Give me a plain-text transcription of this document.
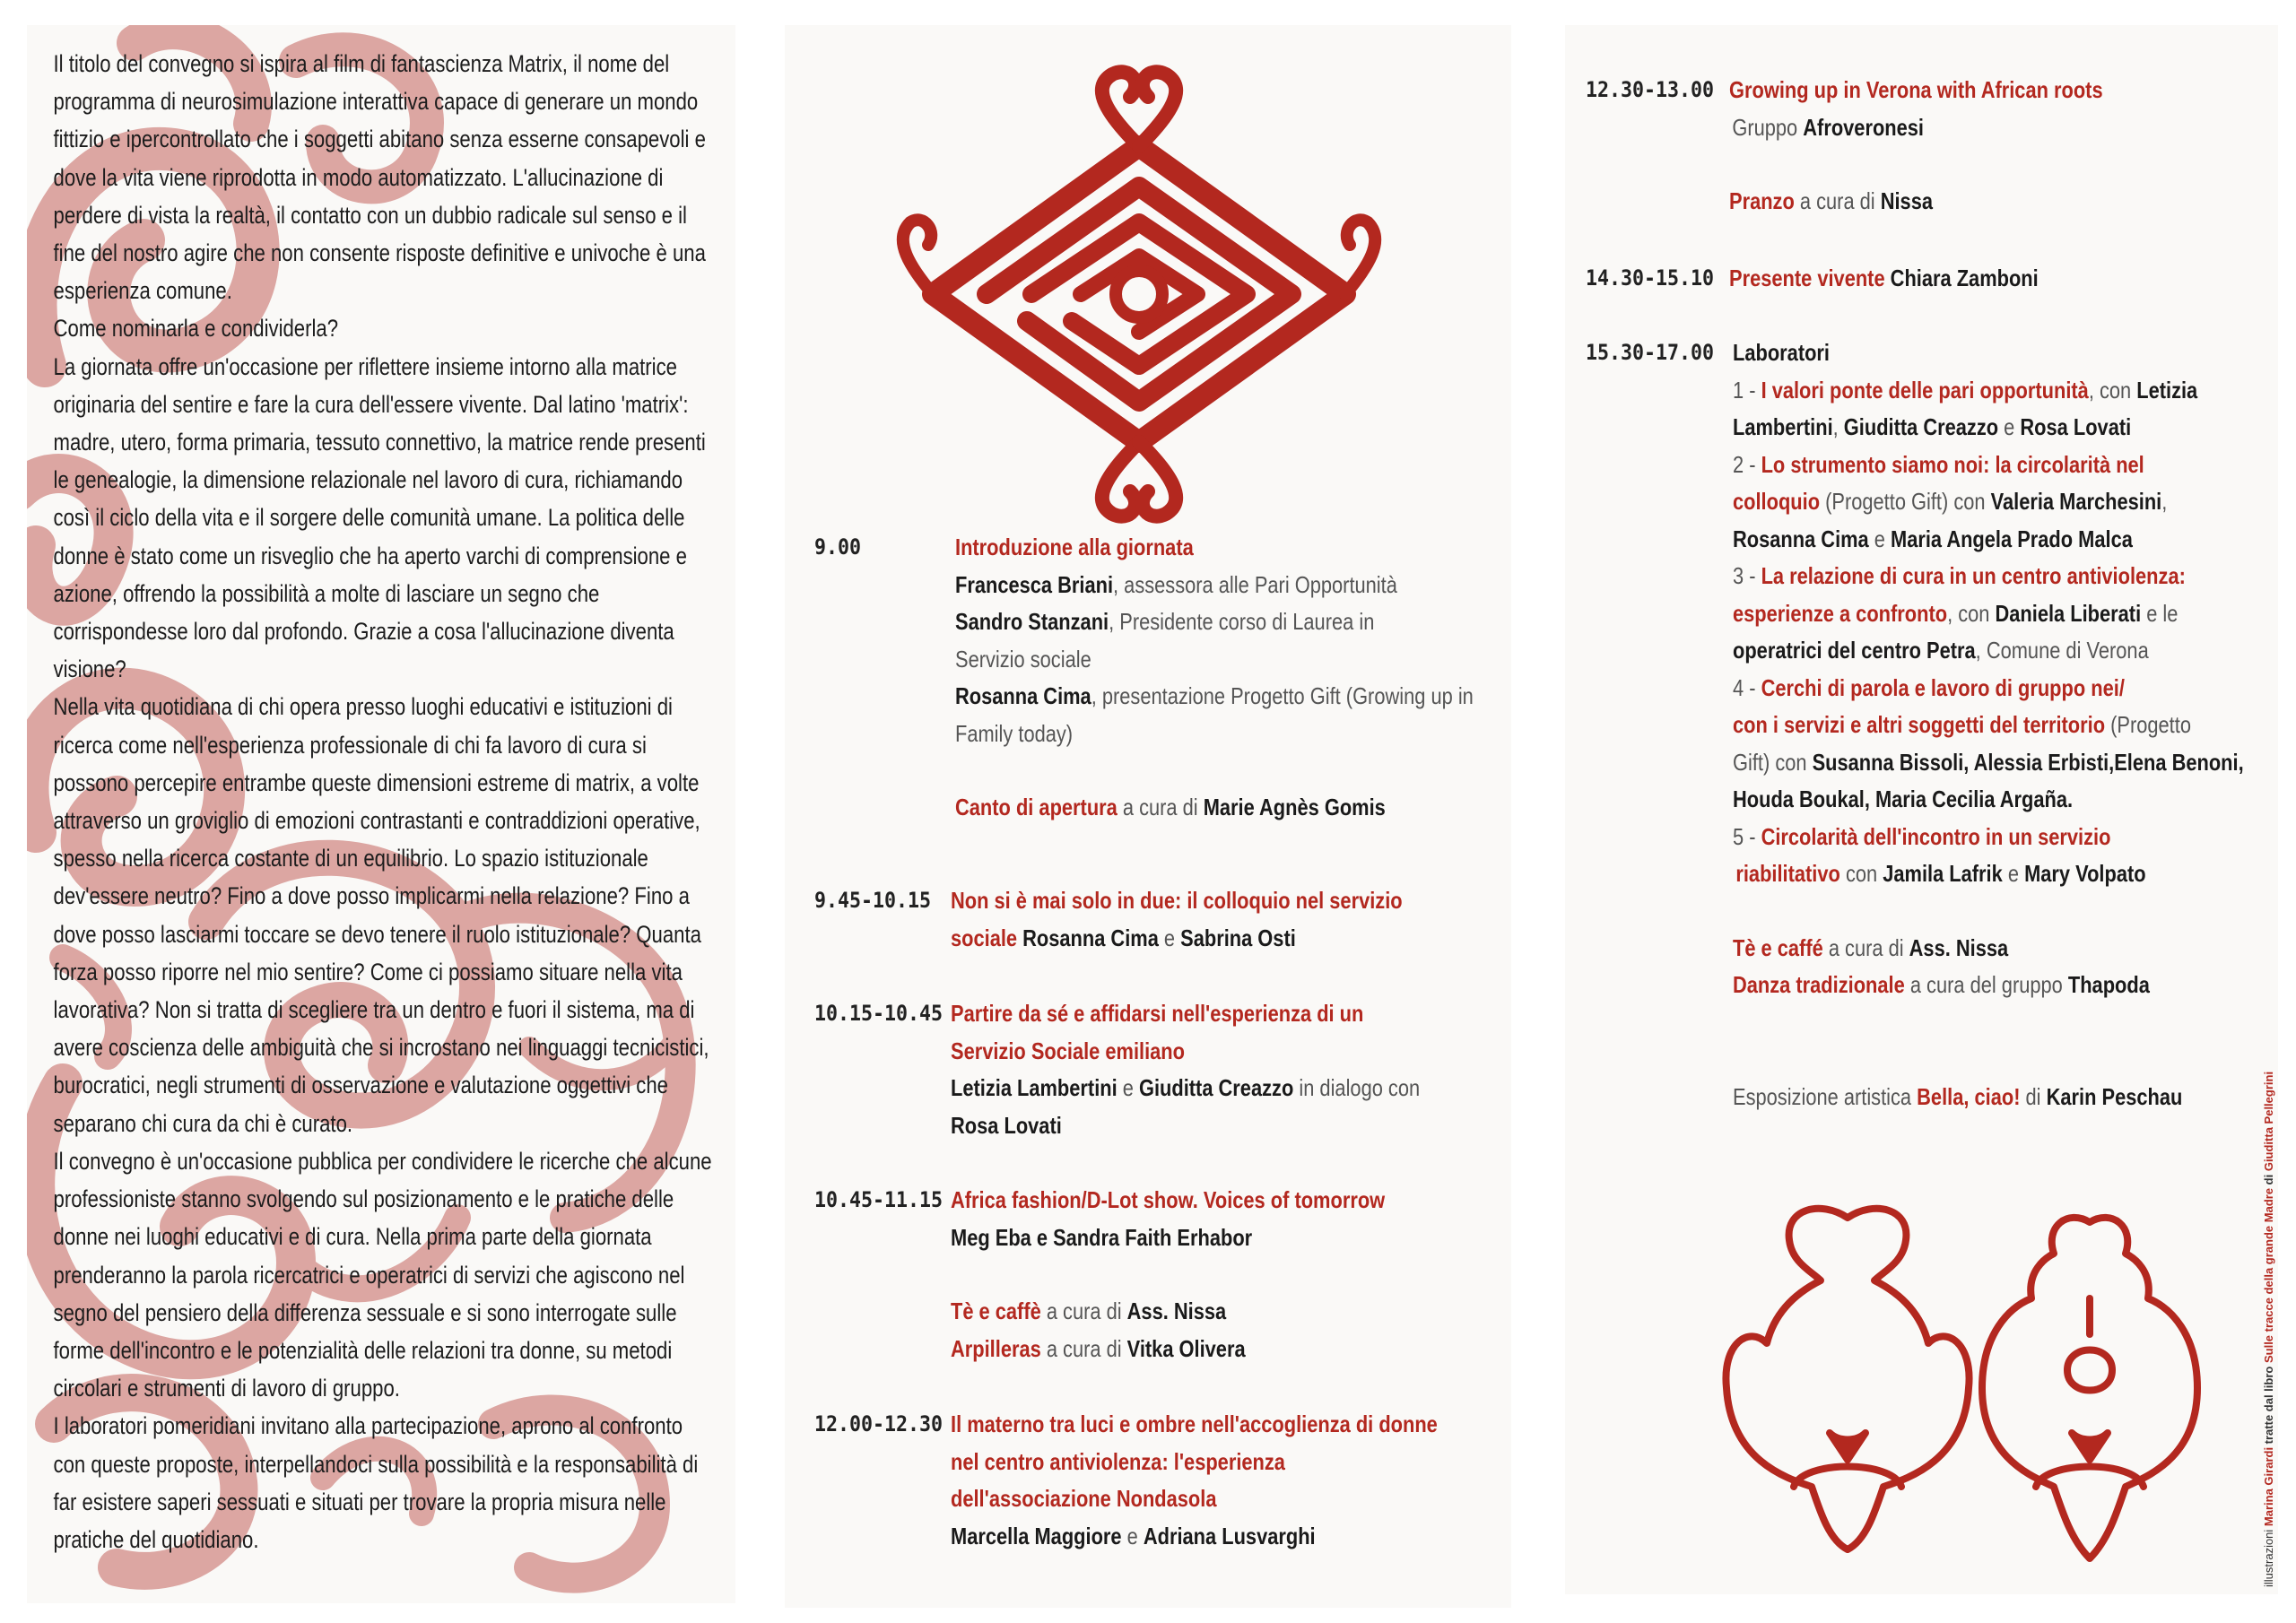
Il titolo del convegno si ispira al film di fantascienza Matrix, il nome del programma di neurosimulazione interattiva capace di generare un mondo fittizio e ipercontrollato che i soggetti abitano senza esserne consapevoli e dove la vita viene riprodotta in modo automatizzato. L'allucinazione di perdere di vista la realtà, il contatto con un dubbio radicale sul senso e il fine del nostro agire che non consente risposte definitive e univoche è una esperienza comune.

Come nominarla e condividerla?

La giornata offre un'occasione per riflettere insieme intorno alla matrice originaria del sentire e fare la cura dell'essere vivente. Dal latino 'matrix': madre, utero, forma primaria, tessuto connettivo, la matrice rende presenti le genealogie, la dimensione relazionale nel lavoro di cura, richiamando così il ciclo della vita e il sorgere delle comunità umane. La politica delle donne è stato come un risveglio che ha aperto varchi di comprensione e azione, offrendo la possibilità a molte di lasciare un segno che corrispondesse loro dal profondo. Grazie a cosa l'allucinazione diventa visione?

Nella vita quotidiana di chi opera presso luoghi educativi e istituzioni di ricerca come nell'esperienza professionale di chi fa lavoro di cura si possono percepire entrambe queste dimensioni estreme di matrix, a volte attraverso un groviglio di emozioni contrastanti e contraddizioni operative, spesso nella ricerca costante di un equilibrio. Lo spazio istituzionale dev'essere neutro? Fino a dove posso implicarmi nella relazione? Fino a dove posso lasciarmi toccare se devo tenere il ruolo istituzionale? Quanta forza posso riporre nel mio sentire? Come ci possiamo situare nella vita lavorativa? Non si tratta di scegliere tra un dentro e fuori il sistema, ma di avere coscienza delle ambiguità che si incrostano nei linguaggi tecnicistici, burocratici, negli strumenti di osservazione e valutazione oggettivi che separano chi cura da chi è curato.

Il convegno è un'occasione pubblica per condividere le ricerche che alcune professioniste stanno svolgendo sul posizionamento e le pratiche delle donne nei luoghi educativi e di cura. Nella prima parte della giornata prenderanno la parola ricercatrici e operatrici di servizi che agiscono nel segno del pensiero della differenza sessuale e si sono interrogate sulle forme dell'incontro e le potenzialità delle relazioni tra donne, su metodi circolari e strumenti di lavoro di gruppo.

I laboratori pomeridiani invitano alla partecipazione, aprono al confronto con queste proposte, interpellandoci sulla possibilità e la responsabilità di far esistere saperi sessuati e situati per trovare la propria misura nelle pratiche del quotidiano.

9.00	Introduzione alla giornata
Francesca Briani, assessora alle Pari Opportunità
Sandro Stanzani, Presidente corso di Laurea in
Servizio sociale
Rosanna Cima, presentazione Progetto Gift (Growing up in
Family today)
Canto di apertura a cura di Marie Agnès Gomis
9.45-10.15 Non si è mai solo in due: il colloquio nel servizio
sociale Rosanna Cima e Sabrina Osti
10.15-10.45 Partire da sé e affidarsi nell'esperienza di un
Servizio Sociale emiliano
Letizia Lambertini e Giuditta Creazzo in dialogo con
Rosa Lovati
10.45-11.15 Africa fashion/D-Lot show. Voices of tomorrow
Meg Eba e Sandra Faith Erhabor
Tè e caffè a cura di Ass. Nissa
Arpilleras a cura di Vitka Olivera
12.00-12.30 Il materno tra luci e ombre nell'accoglienza di donne
nel centro antiviolenza: l'esperienza
dell'associazione Nondasola
Marcella Maggiore e Adriana Lusvarghi
12.30-13.00 Growing up in Verona with African roots
Gruppo Afroveronesi
Pranzo a cura di Nissa
14.30-15.10 Presente vivente Chiara Zamboni
15.30-17.00 Laboratori
1 - I valori ponte delle pari opportunità, con Letizia
Lambertini, Giuditta Creazzo e Rosa Lovati
2 - Lo strumento siamo noi: la circolarità nel
colloquio (Progetto Gift) con Valeria Marchesini,
Rosanna Cima e Maria Angela Prado Malca
3 - La relazione di cura in un centro antiviolenza:
esperienze a confronto, con Daniela Liberati e le
operatrici del centro Petra, Comune di Verona
4 - Cerchi di parola e lavoro di gruppo nei/
con i servizi e altri soggetti del territorio (Progetto
Gift) con Susanna Bissoli, Alessia Erbisti,Elena Benoni,
Houda Boukal, Maria Cecilia Argaña.
5 - Circolarità dell'incontro in un servizio
riabilitativo con Jamila Lafrik e Mary Volpato
Tè e caffé a cura di Ass. Nissa
Danza tradizionale a cura del gruppo Thapoda
Esposizione artistica Bella, ciao! di Karin Peschau
illustrazioni Marina Girardi tratte dal libro Sulle tracce della grande Madre di Giuditta Pellegrini
